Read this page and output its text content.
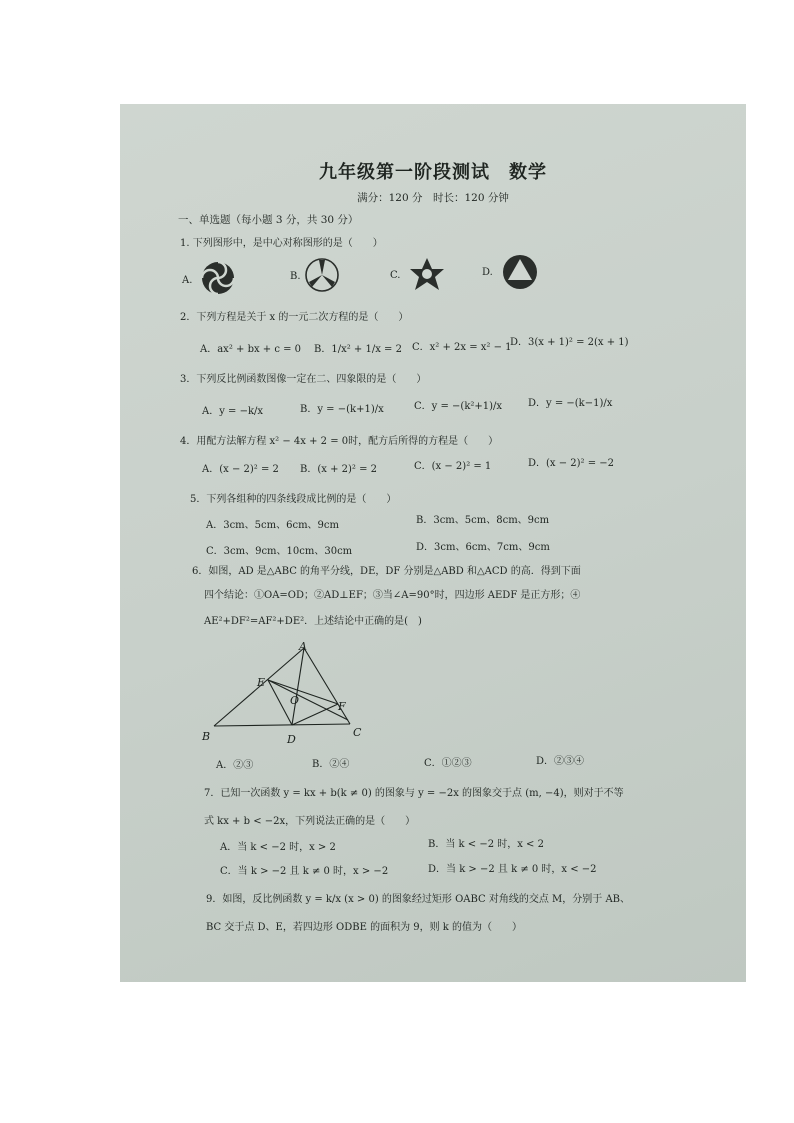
九年级第一阶段测试　数学
满分：120 分　时长：120 分钟
一、单选题（每小题 3 分，共 30 分）
1. 下列图形中，是中心对称图形的是（　　）
A.	B.	C.	D.
2．下列方程是关于 x 的一元二次方程的是（　　）
A．ax² + bx + c = 0 B．1/x² + 1/x = 2 C．x² + 2x = x² − 1
D．3(x + 1)² = 2(x + 1)
3．下列反比例函数图像一定在二、四象限的是（　　）
A．y = −k/x	B．y = −(k+1)/x	C．y = −(k²+1)/x	D．y = −(k−1)/x
4．用配方法解方程 x² − 4x + 2 = 0时，配方后所得的方程是（　　）
A．(x − 2)² = 2 B．(x + 2)² = 2	C．(x − 2)² = 1	D．(x − 2)² = −2
5．下列各组种的四条线段成比例的是（　　）
A．3cm、5cm、6cm、9cm	B．3cm、5cm、8cm、9cm
C．3cm、9cm、10cm、30cm	D．3cm、6cm、7cm、9cm
6．如图，AD 是△ABC 的角平分线，DE，DF 分别是△ABD 和△ACD 的高．得到下面
四个结论：①OA=OD；②AD⊥EF；③当∠A=90°时，四边形 AEDF 是正方形；④
AE²+DF²=AF²+DE²．上述结论中正确的是(　)
A
E
O	F
B	D
C
A．②③	B．②④	C．①②③	D．②③④
7．已知一次函数 y = kx + b(k ≠ 0) 的图象与 y = −2x 的图象交于点 (m, −4)，则对于不等
式 kx + b < −2x，下列说法正确的是（　　）
A．当 k < −2 时，x > 2	B．当 k < −2 时，x < 2
C．当 k > −2 且 k ≠ 0 时，x > −2	D．当 k > −2 且 k ≠ 0 时，x < −2
9．如图，反比例函数 y = k/x (x > 0) 的图象经过矩形 OABC 对角线的交点 M，分别于 AB、
BC 交于点 D、E，若四边形 ODBE 的面积为 9，则 k 的值为（　　）
